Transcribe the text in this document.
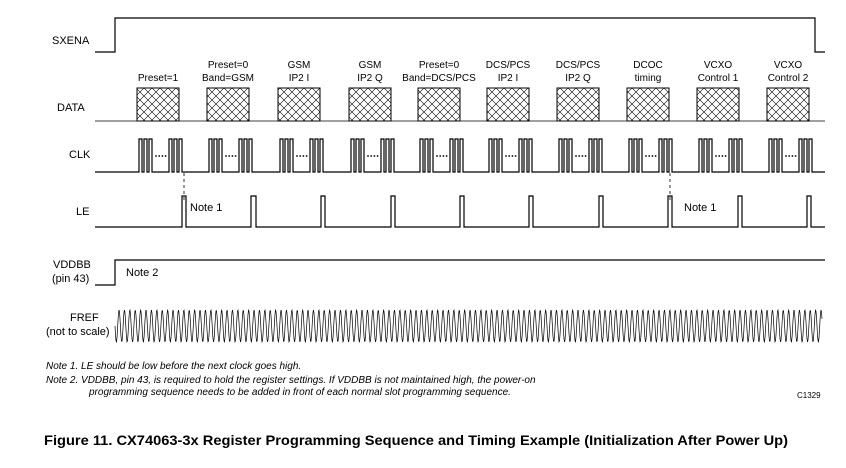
SXENA
DATA
CLK
LE
VDDBB
(pin 43)
FREF
(not to scale)
Preset=1
Preset=0
Band=GSM
GSM
IP2 I
GSM
IP2 Q
Preset=0
Band=DCS/PCS
DCS/PCS
IP2 I
DCS/PCS
IP2 Q
DCOC
timing
VCXO
Control 1
VCXO
Control 2
Note 1	Note 1
Note 2
Note 1. LE should be low before the next clock goes high.
Note 2. VDDBB, pin 43, is required to hold the register settings. If VDDBB is not maintained high, the power-on
programming sequence needs to be added in front of each normal slot programming sequence.	C1329
Figure 11. CX74063-3x Register Programming Sequence and Timing Example (Initialization After Power Up)
